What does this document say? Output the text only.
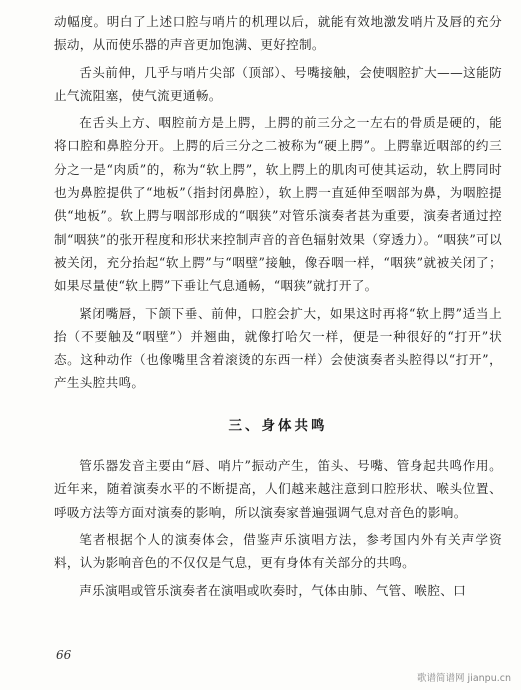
动幅度。明白了上述口腔与哨片的机理以后，就能有效地激发哨片及唇的充分振动，从而使乐器的声音更加饱满、更好控制。

舌头前伸，几乎与哨片尖部（顶部）、号嘴接触，会使咽腔扩大——这能防止气流阻塞，使气流更通畅。

在舌头上方、咽腔前方是上腭，上腭的前三分之一左右的骨质是硬的，能将口腔和鼻腔分开。上腭的后三分之二被称为“硬上腭”。上腭靠近咽部的约三分之一是“肉质”的，称为“软上腭”，软上腭上的肌肉可使其运动，软上腭同时也为鼻腔提供了“地板”（指封闭鼻腔），软上腭一直延伸至咽部为鼻，为咽腔提供“地板”。软上腭与咽部形成的“咽狭”对管乐演奏者甚为重要，演奏者通过控制“咽狭”的张开程度和形状来控制声音的音色辐射效果（穿透力）。“咽狭”可以被关闭，充分抬起“软上腭”与“咽壁”接触，像吞咽一样，“咽狭”就被关闭了；如果尽量使“软上腭”下垂让气息通畅，“咽狭”就打开了。

紧闭嘴唇，下颌下垂、前伸，口腔会扩大，如果这时再将“软上腭”适当上抬（不要触及“咽壁”）并翘曲，就像打哈欠一样，便是一种很好的“打开”状态。这种动作（也像嘴里含着滚烫的东西一样）会使演奏者头腔得以“打开”，产生头腔共鸣。

三、身体共鸣

管乐器发音主要由“唇、哨片”振动产生，笛头、号嘴、管身起共鸣作用。近年来，随着演奏水平的不断提高，人们越来越注意到口腔形状、喉头位置、呼吸方法等方面对演奏的影响，所以演奏家普遍强调气息对音色的影响。

笔者根据个人的演奏体会，借鉴声乐演唱方法，参考国内外有关声学资料，认为影响音色的不仅仅是气息，更有身体有关部分的共鸣。

声乐演唱或管乐演奏者在演唱或吹奏时，气体由肺、气管、喉腔、口

66
歌谱简谱网 jianpu.cn
